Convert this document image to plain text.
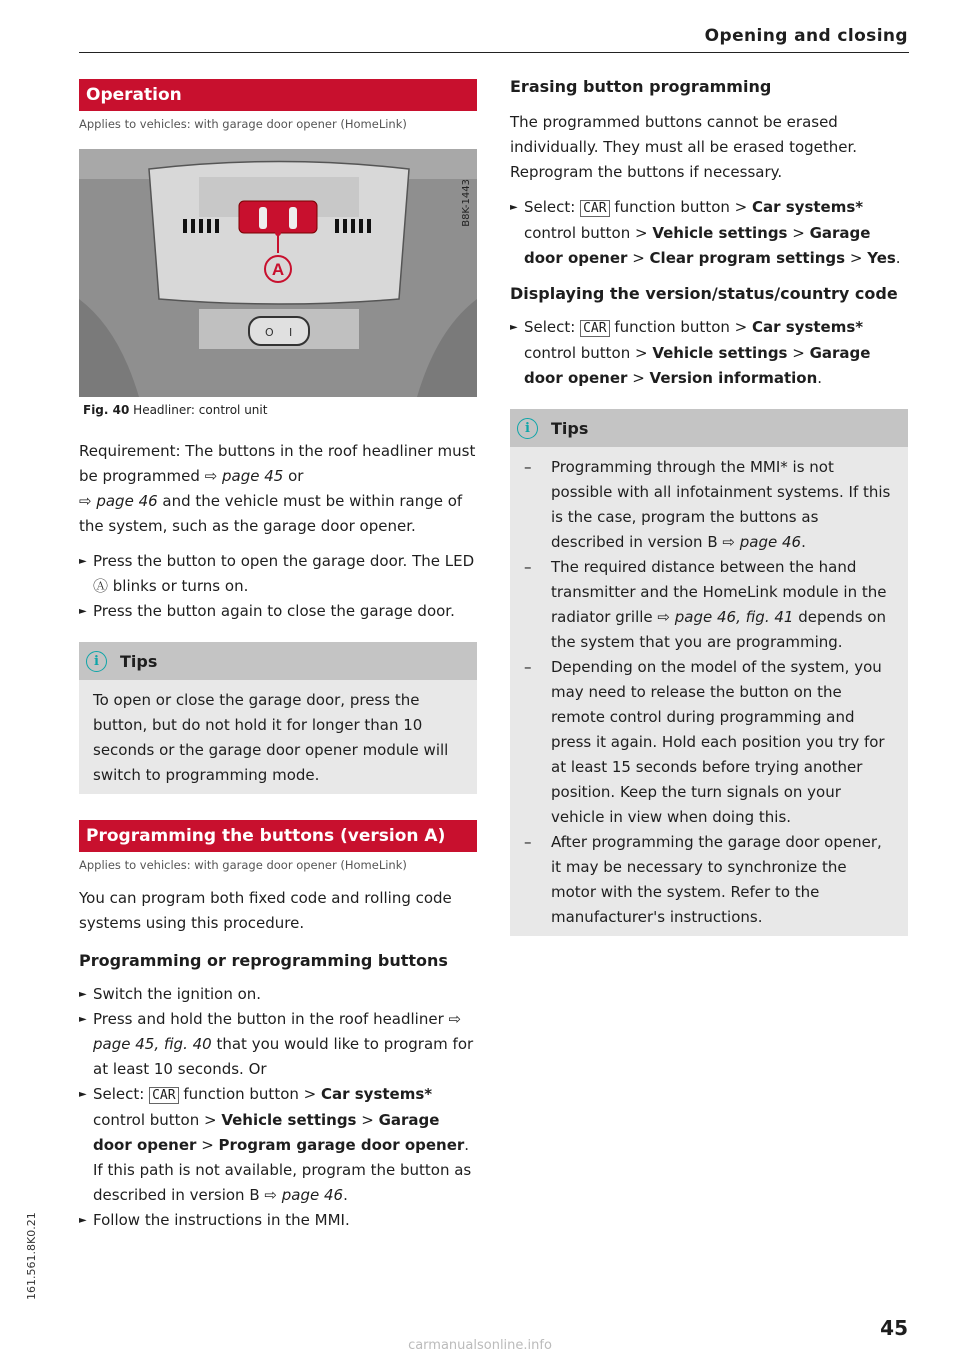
Opening and closing
Operation
Applies to vehicles: with garage door opener (HomeLink)
A
O I
B8K-1443
Fig. 40 Headliner: control unit

Requirement: The buttons in the roof headliner must be programmed ⇨ page 45 or
⇨ page 46 and the vehicle must be within range of the system, such as the garage door opener.

► Press the button to open the garage door. The LED Ⓐ blinks or turns on.
► Press the button again to close the garage door.
i	Tips

To open or close the garage door, press the button, but do not hold it for longer than 10 seconds or the garage door opener module will switch to programming mode.

Programming the buttons (version A)
Applies to vehicles: with garage door opener (HomeLink)

You can program both fixed code and rolling code systems using this procedure.

Programming or reprogramming buttons
► Switch the ignition on.
► Press and hold the button in the roof headliner ⇨ page 45, fig. 40 that you would like to program for at least 10 seconds. Or
► Select: CAR function button > Car systems* control button > Vehicle settings > Garage door opener > Program garage door opener. If this path is not available, program the button as described in version B ⇨ page 46.
► Follow the instructions in the MMI.
Erasing button programming

The programmed buttons cannot be erased individually. They must all be erased together. Reprogram the buttons if necessary.

► Select: CAR function button > Car systems* control button > Vehicle settings > Garage door opener > Clear program settings > Yes.
Displaying the version/status/country code
► Select: CAR function button > Car systems* control button > Vehicle settings > Garage door opener > Version information.
i	Tips
– Programming through the MMI* is not possible with all infotainment systems. If this is the case, program the buttons as described in version B ⇨ page 46.
– The required distance between the hand transmitter and the HomeLink module in the radiator grille ⇨ page 46, fig. 41 depends on the system that you are programming.
– Depending on the model of the system, you may need to release the button on the remote control during programming and press it again. Hold each position you try for at least 15 seconds before trying another position. Keep the turn signals on your vehicle in view when doing this.
– After programming the garage door opener, it may be necessary to synchronize the motor with the system. Refer to the manufacturer's instructions.
161.561.8K0.21
45
carmanualsonline.info
